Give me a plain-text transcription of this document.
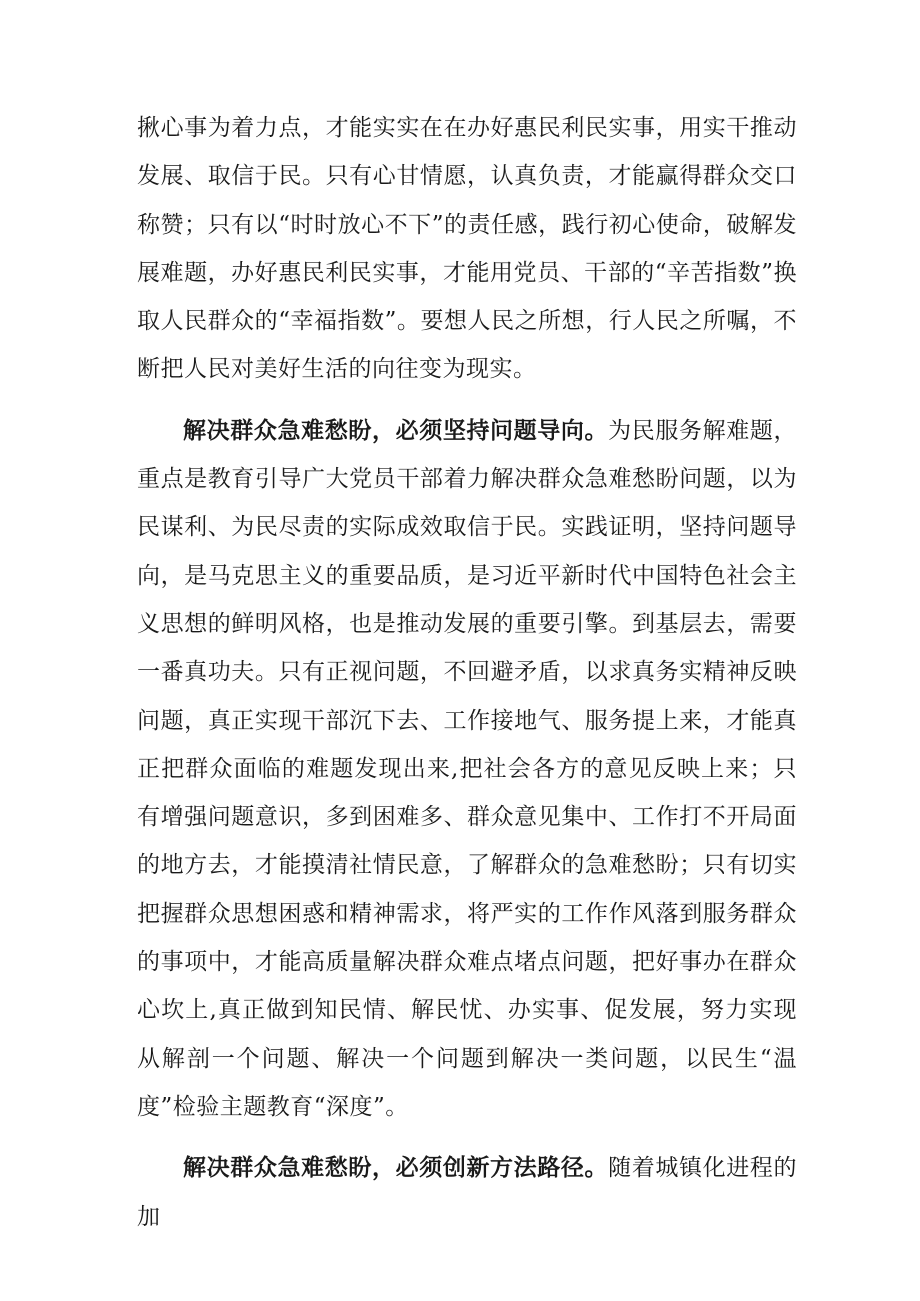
揪心事为着力点，才能实实在在办好惠民利民实事，用实干推动发展、取信于民。只有心甘情愿，认真负责，才能赢得群众交口称赞；只有以“时时放心不下”的责任感，践行初心使命，破解发展难题，办好惠民利民实事，才能用党员、干部的“辛苦指数”换取人民群众的“幸福指数”。要想人民之所想，行人民之所嘱，不断把人民对美好生活的向往变为现实。

解决群众急难愁盼，必须坚持问题导向。为民服务解难题，重点是教育引导广大党员干部着力解决群众急难愁盼问题，以为民谋利、为民尽责的实际成效取信于民。实践证明，坚持问题导向，是马克思主义的重要品质，是习近平新时代中国特色社会主义思想的鲜明风格，也是推动发展的重要引擎。到基层去，需要一番真功夫。只有正视问题，不回避矛盾，以求真务实精神反映问题，真正实现干部沉下去、工作接地气、服务提上来，才能真正把群众面临的难题发现出来,把社会各方的意见反映上来；只有增强问题意识，多到困难多、群众意见集中、工作打不开局面的地方去，才能摸清社情民意，了解群众的急难愁盼；只有切实把握群众思想困惑和精神需求，将严实的工作作风落到服务群众的事项中，才能高质量解决群众难点堵点问题，把好事办在群众心坎上,真正做到知民情、解民忧、办实事、促发展，努力实现从解剖一个问题、解决一个问题到解决一类问题，以民生“温度”检验主题教育“深度”。

解决群众急难愁盼，必须创新方法路径。随着城镇化进程的加
